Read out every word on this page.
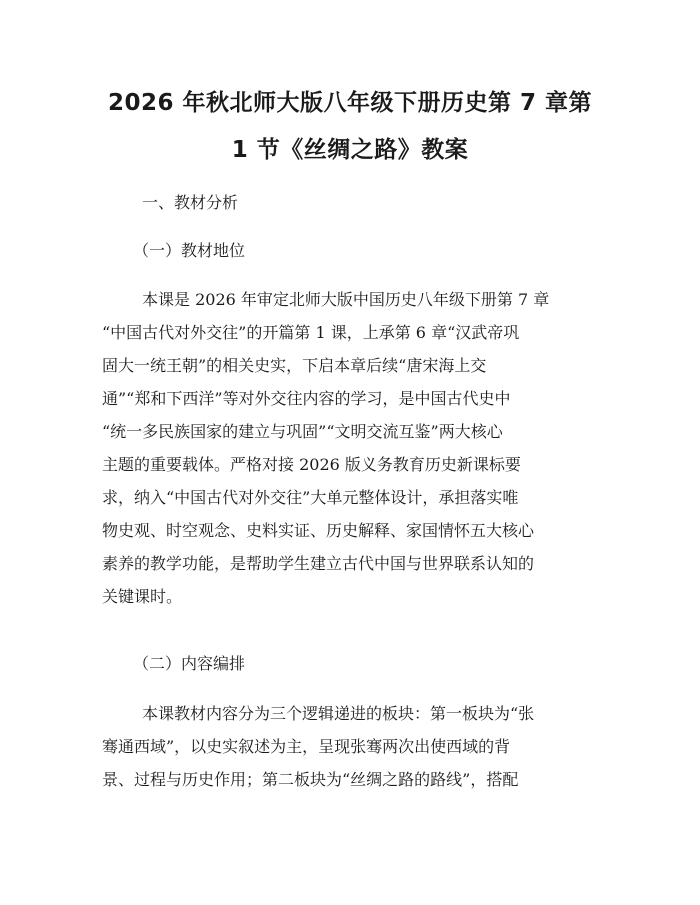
2026 年秋北师大版八年级下册历史第 7 章第
1 节《丝绸之路》教案
一、教材分析
（一）教材地位
本课是 2026 年审定北师大版中国历史八年级下册第 7 章
“中国古代对外交往”的开篇第 1 课，上承第 6 章“汉武帝巩
固大一统王朝”的相关史实，下启本章后续“唐宋海上交
通”“郑和下西洋”等对外交往内容的学习，是中国古代史中
“统一多民族国家的建立与巩固”“文明交流互鉴”两大核心
主题的重要载体。严格对接 2026 版义务教育历史新课标要
求，纳入“中国古代对外交往”大单元整体设计，承担落实唯
物史观、时空观念、史料实证、历史解释、家国情怀五大核心
素养的教学功能，是帮助学生建立古代中国与世界联系认知的
关键课时。
（二）内容编排
本课教材内容分为三个逻辑递进的板块：第一板块为“张
骞通西域”，以史实叙述为主，呈现张骞两次出使西域的背
景、过程与历史作用；第二板块为“丝绸之路的路线”，搭配
